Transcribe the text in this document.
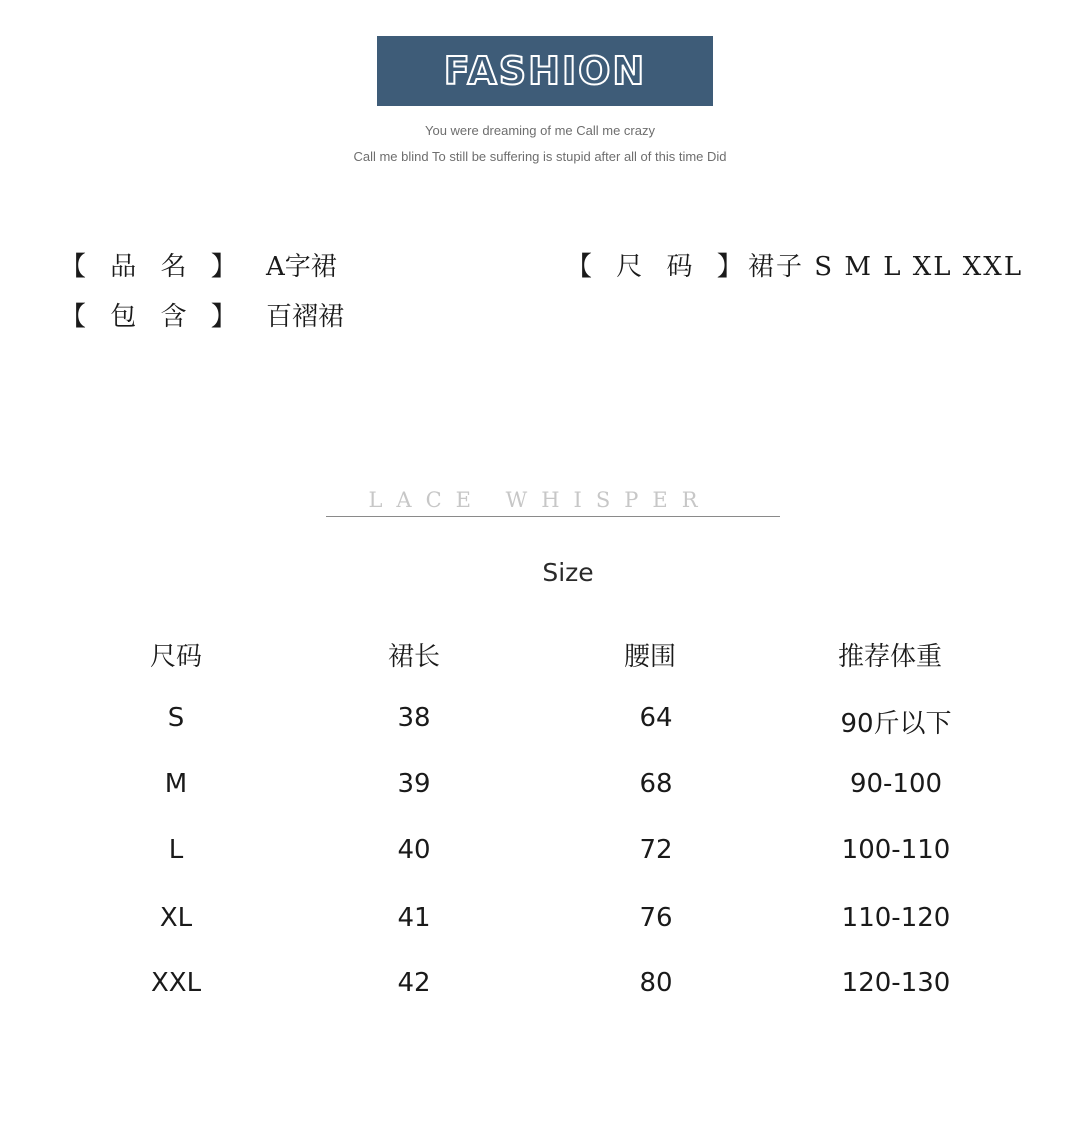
FASHION
You were dreaming of me Call me crazy
Call me blind To still be suffering is stupid after all of this time Did
【 品 名 】 A字裙	【 尺 码 】
裙子 S M L XL XXL
【 包 含 】 百褶裙
LACE WHISPER
Size
尺码	裙长	腰围	推荐体重
S	38	64	90斤以下
M	39	68	90-100
L	40	72	100-110
XL	41	76	110-120
XXL	42	80	120-130
